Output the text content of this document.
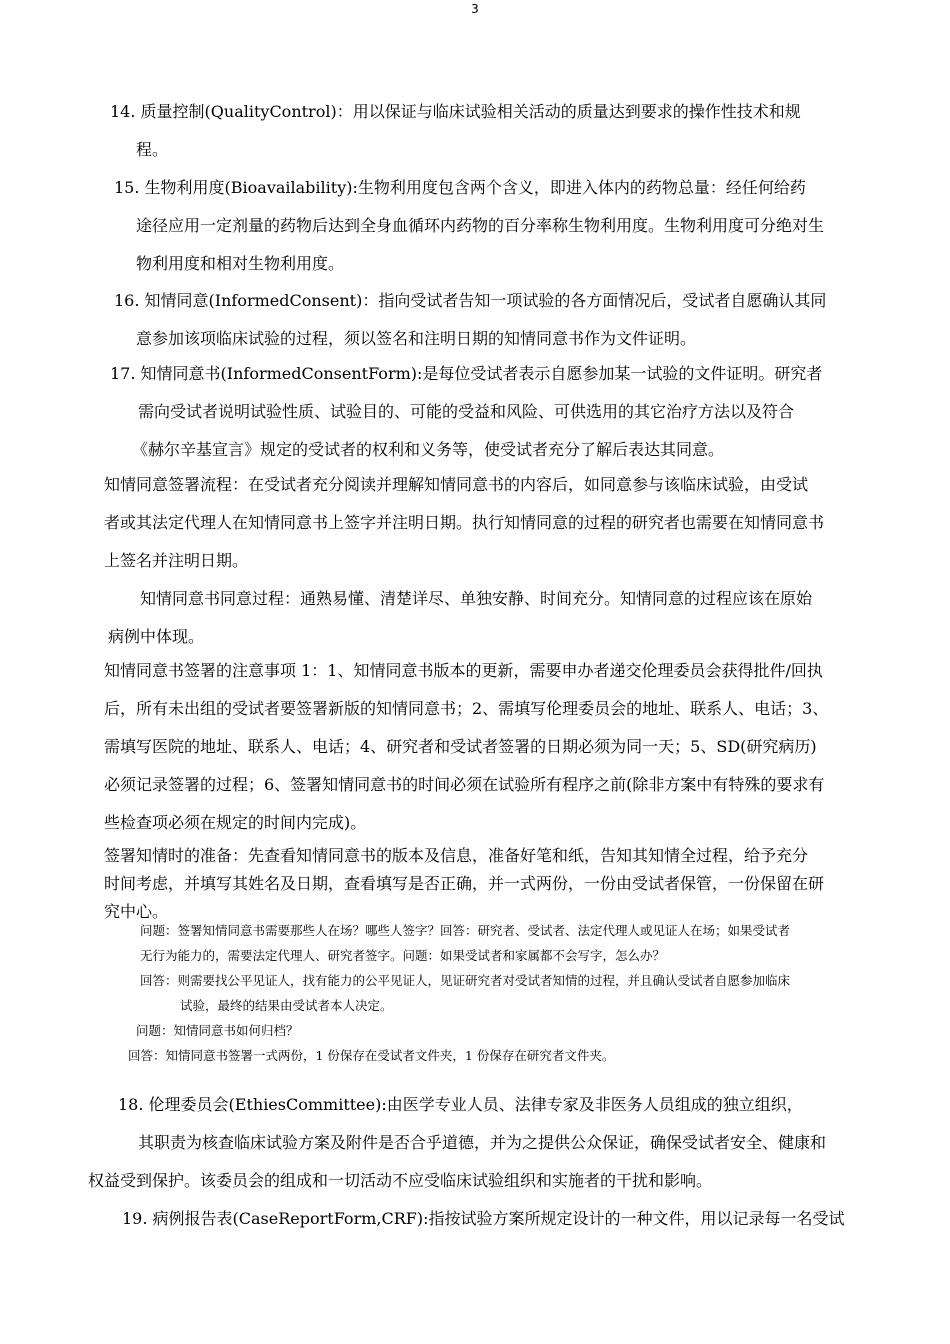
3
14. 质量控制(QualityControl)：用以保证与临床试验相关活动的质量达到要求的操作性技术和规
程。
15. 生物利用度(Bioavailability):生物利用度包含两个含义，即进入体内的药物总量：经任何给药
途径应用一定剂量的药物后达到全身血循环内药物的百分率称生物利用度。生物利用度可分绝对生
物利用度和相对生物利用度。
16. 知情同意(InformedConsent)：指向受试者告知一项试验的各方面情况后，受试者自愿确认其同
意参加该项临床试验的过程，须以签名和注明日期的知情同意书作为文件证明。
17. 知情同意书(InformedConsentForm):是每位受试者表示自愿参加某一试验的文件证明。研究者
需向受试者说明试验性质、试验目的、可能的受益和风险、可供选用的其它治疗方法以及符合
《赫尔辛基宣言》规定的受试者的权利和义务等，使受试者充分了解后表达其同意。
知情同意签署流程：在受试者充分阅读并理解知情同意书的内容后，如同意参与该临床试验，由受试
者或其法定代理人在知情同意书上签字并注明日期。执行知情同意的过程的研究者也需要在知情同意书
上签名并注明日期。
知情同意书同意过程：通熟易懂、清楚详尽、单独安静、时间充分。知情同意的过程应该在原始
病例中体现。
知情同意书签署的注意事项 1：1、知情同意书版本的更新，需要申办者递交伦理委员会获得批件/回执
后，所有未出组的受试者要签署新版的知情同意书；2、需填写伦理委员会的地址、联系人、电话；3、
需填写医院的地址、联系人、电话；4、研究者和受试者签署的日期必须为同一天；5、SD(研究病历)
必须记录签署的过程；6、签署知情同意书的时间必须在试验所有程序之前(除非方案中有特殊的要求有
些检查项必须在规定的时间内完成)。
签署知情时的准备：先查看知情同意书的版本及信息，准备好笔和纸，告知其知情全过程，给予充分
时间考虑，并填写其姓名及日期，查看填写是否正确，并一式两份，一份由受试者保管，一份保留在研
究中心。
问题：签署知情同意书需要那些人在场？哪些人签字？回答：研究者、受试者、法定代理人或见证人在场；如果受试者
无行为能力的，需要法定代理人、研究者签字。问题：如果受试者和家属都不会写字，怎么办？
回答：则需要找公平见证人，找有能力的公平见证人，见证研究者对受试者知情的过程，并且确认受试者自愿参加临床
试验，最终的结果由受试者本人决定。
问题：知情同意书如何归档？
回答：知情同意书签署一式两份，1 份保存在受试者文件夹，1 份保存在研究者文件夹。
18. 伦理委员会(EthiesCommittee):由医学专业人员、法律专家及非医务人员组成的独立组织，
其职责为核查临床试验方案及附件是否合乎道德，并为之提供公众保证，确保受试者安全、健康和
权益受到保护。该委员会的组成和一切活动不应受临床试验组织和实施者的干扰和影响。
19. 病例报告表(CaseReportForm,CRF):指按试验方案所规定设计的一种文件，用以记录每一名受试
